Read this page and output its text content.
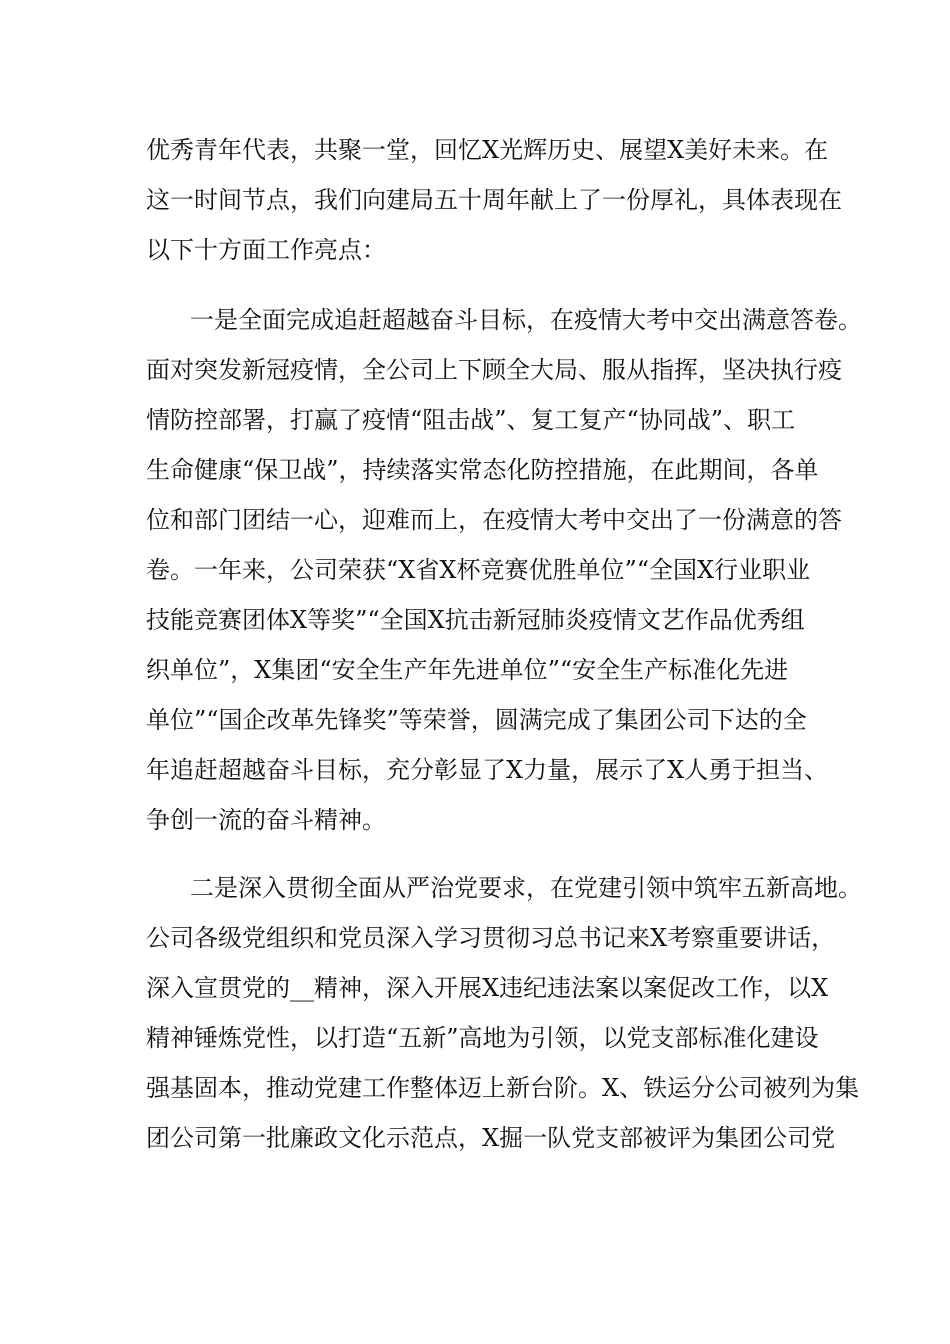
优秀青年代表，共聚一堂，回忆X光辉历史、展望X美好未来。在
这一时间节点，我们向建局五十周年献上了一份厚礼，具体表现在
以下十方面工作亮点：
一是全面完成追赶超越奋斗目标，在疫情大考中交出满意答卷。
面对突发新冠疫情，全公司上下顾全大局、服从指挥，坚决执行疫
情防控部署，打赢了疫情“阻击战”、复工复产“协同战”、职工
生命健康“保卫战”，持续落实常态化防控措施，在此期间，各单
位和部门团结一心，迎难而上，在疫情大考中交出了一份满意的答
卷。一年来，公司荣获“X省X杯竞赛优胜单位”“全国X行业职业
技能竞赛团体X等奖”“全国X抗击新冠肺炎疫情文艺作品优秀组
织单位”，X集团“安全生产年先进单位”“安全生产标准化先进
单位”“国企改革先锋奖”等荣誉，圆满完成了集团公司下达的全
年追赶超越奋斗目标，充分彰显了X力量，展示了X人勇于担当、
争创一流的奋斗精神。
二是深入贯彻全面从严治党要求，在党建引领中筑牢五新高地。
公司各级党组织和党员深入学习贯彻习总书记来X考察重要讲话，
深入宣贯党的__精神，深入开展X违纪违法案以案促改工作，以X
精神锤炼党性，以打造“五新”高地为引领，以党支部标准化建设
强基固本，推动党建工作整体迈上新台阶。X、铁运分公司被列为集
团公司第一批廉政文化示范点，X掘一队党支部被评为集团公司党
